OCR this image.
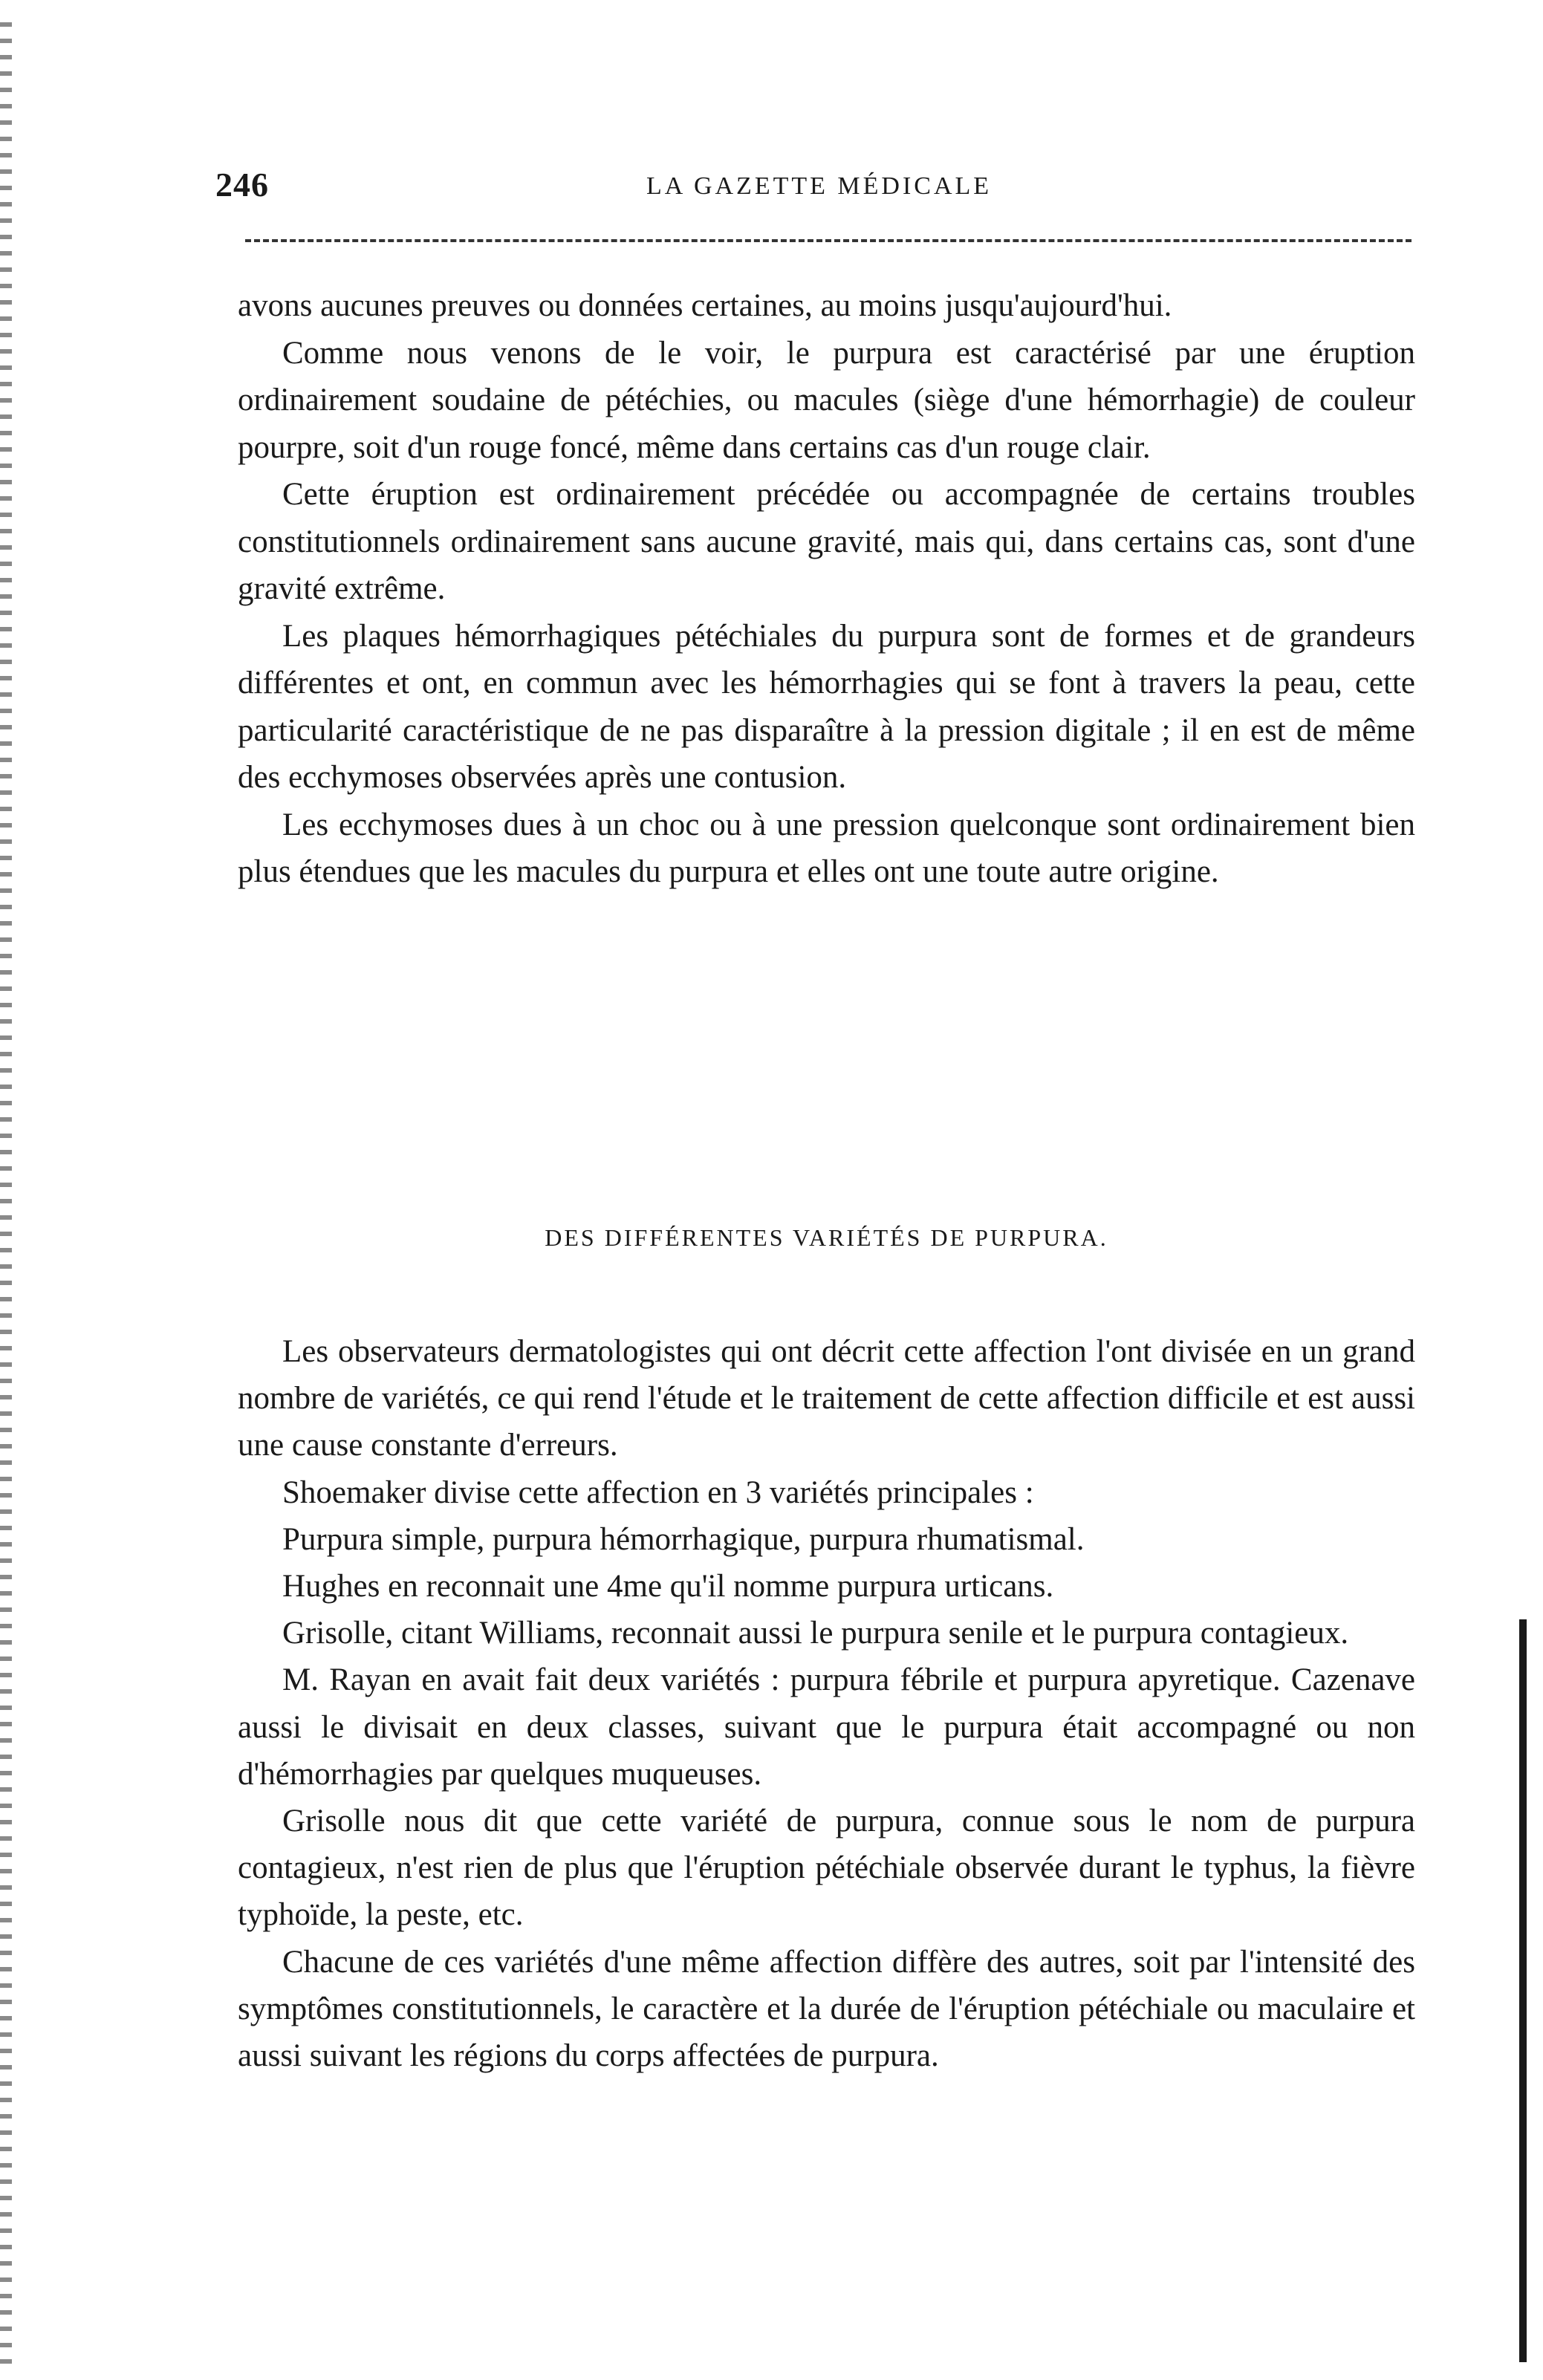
246	LA GAZETTE MÉDICALE

avons aucunes preuves ou données certaines, au moins jusqu'aujourd'hui.

Comme nous venons de le voir, le purpura est caractérisé par une éruption ordinairement soudaine de pétéchies, ou macules (siège d'une hémorrhagie) de couleur pourpre, soit d'un rouge foncé, même dans certains cas d'un rouge clair.

Cette éruption est ordinairement précédée ou accompagnée de certains troubles constitutionnels ordinairement sans aucune gravité, mais qui, dans certains cas, sont d'une gravité extrême.

Les plaques hémorrhagiques pétéchiales du purpura sont de formes et de grandeurs différentes et ont, en commun avec les hémorrhagies qui se font à travers la peau, cette particularité caractéristique de ne pas disparaître à la pression digitale ; il en est de même des ecchymoses observées après une contusion.

Les ecchymoses dues à un choc ou à une pression quelconque sont ordinairement bien plus étendues que les macules du purpura et elles ont une toute autre origine.

DES DIFFÉRENTES VARIÉTÉS DE PURPURA.

Les observateurs dermatologistes qui ont décrit cette affection l'ont divisée en un grand nombre de variétés, ce qui rend l'étude et le traitement de cette affection difficile et est aussi une cause constante d'erreurs.

Shoemaker divise cette affection en 3 variétés principales :

Purpura simple, purpura hémorrhagique, purpura rhumatismal.

Hughes en reconnait une 4me qu'il nomme purpura urticans.

Grisolle, citant Williams, reconnait aussi le purpura senile et le purpura contagieux.

M. Rayan en avait fait deux variétés : purpura fébrile et purpura apyretique. Cazenave aussi le divisait en deux classes, suivant que le purpura était accompagné ou non d'hémorrhagies par quelques muqueuses.

Grisolle nous dit que cette variété de purpura, connue sous le nom de purpura contagieux, n'est rien de plus que l'éruption pétéchiale observée durant le typhus, la fièvre typhoïde, la peste, etc.

Chacune de ces variétés d'une même affection diffère des autres, soit par l'intensité des symptômes constitutionnels, le caractère et la durée de l'éruption pétéchiale ou maculaire et aussi suivant les régions du corps affectées de purpura.
